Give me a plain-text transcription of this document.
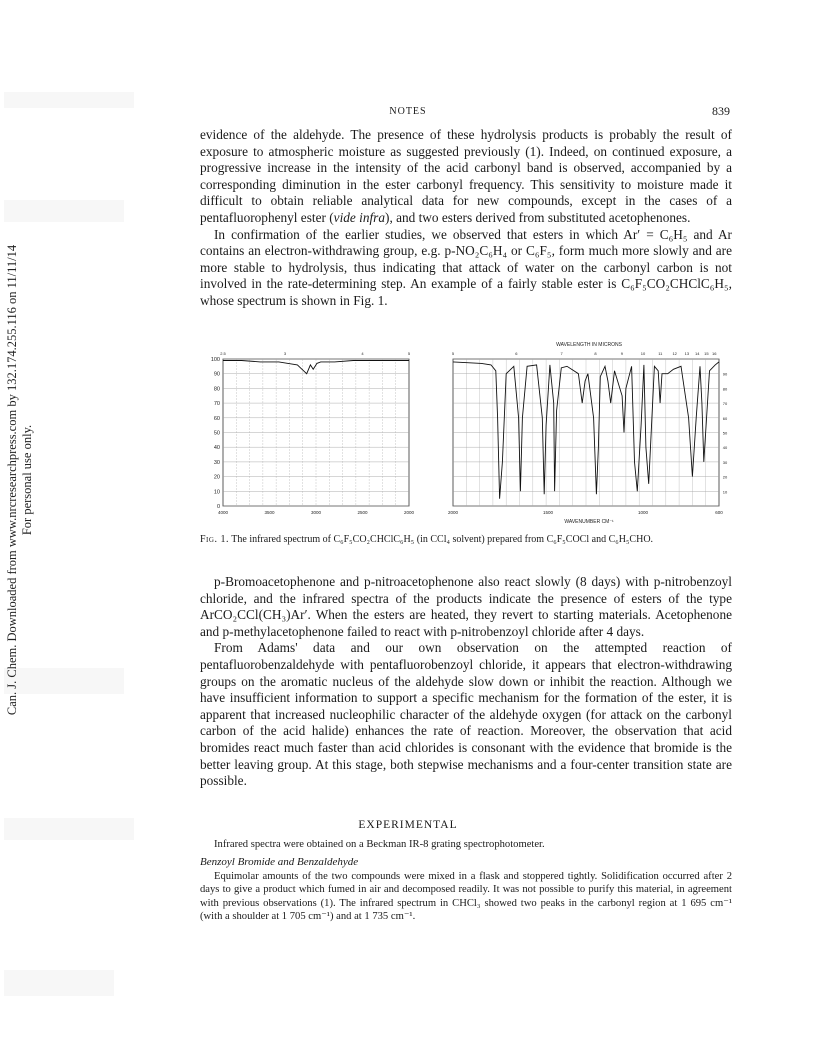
Can. J. Chem. Downloaded from www.nrcresearchpress.com by 132.174.255.116 on 11/11/14 For personal use only.
NOTES	839

evidence of the aldehyde. The presence of these hydrolysis products is probably the result of exposure to atmospheric moisture as suggested previously (1). Indeed, on continued exposure, a progressive increase in the intensity of the acid carbonyl band is observed, accompanied by a corresponding diminution in the ester carbonyl frequency. This sensitivity to moisture made it difficult to obtain reliable analytical data for new compounds, except in the cases of a pentafluorophenyl ester (vide infra), and two esters derived from substituted acetophenones.

In confirmation of the earlier studies, we observed that esters in which Ar′ = C₆H₅ and Ar contains an electron-withdrawing group, e.g. p-NO₂C₆H₄ or C₆F₅, form much more slowly and are more stable to hydrolysis, thus indicating that attack of water on the carbonyl carbon is not involved in the rate-determining step. An example of a fairly stable ester is C₆F₅CO₂CHClC₆H₅, whose spectrum is shown in Fig. 1.

100
90
80
70
60
50
40
30
20
10
0
90
80
70
60
50
40
30
20
10
4000	3500	3000	2500	2000	2000	1500	1000	600
2.5	3	4	5	5	6	7	8	9	10	11	12 13 14 15 16
WAVELENGTH IN MICRONS
WAVENUMBER CM⁻¹
Fig. 1. The infrared spectrum of C₆F₅CO₂CHClC₆H₅ (in CCl₄ solvent) prepared from C₆F₅COCl and C₆H₅CHO.

p-Bromoacetophenone and p-nitroacetophenone also react slowly (8 days) with p-nitrobenzoyl chloride, and the infrared spectra of the products indicate the presence of esters of the type ArCO₂CCl(CH₃)Ar′. When the esters are heated, they revert to starting materials. Acetophenone and p-methylacetophenone failed to react with p-nitrobenzoyl chloride after 4 days.

From Adams' data and our own observation on the attempted reaction of pentafluorobenzaldehyde with pentafluorobenzoyl chloride, it appears that electron-withdrawing groups on the aromatic nucleus of the aldehyde slow down or inhibit the reaction. Although we have insufficient information to support a specific mechanism for the formation of the ester, it is apparent that increased nucleophilic character of the aldehyde oxygen (for attack on the carbonyl carbon of the acid halide) enhances the rate of reaction. Moreover, the observation that acid bromides react much faster than acid chlorides is consonant with the evidence that bromide is the better leaving group. At this stage, both stepwise mechanisms and a four-center transition state are possible.

EXPERIMENTAL

Infrared spectra were obtained on a Beckman IR-8 grating spectrophotometer.

Benzoyl Bromide and Benzaldehyde

Equimolar amounts of the two compounds were mixed in a flask and stoppered tightly. Solidification occurred after 2 days to give a product which fumed in air and decomposed readily. It was not possible to purify this material, in agreement with previous observations (1). The infrared spectrum in CHCl₃ showed two peaks in the carbonyl region at 1 695 cm⁻¹ (with a shoulder at 1 705 cm⁻¹) and at 1 735 cm⁻¹.
